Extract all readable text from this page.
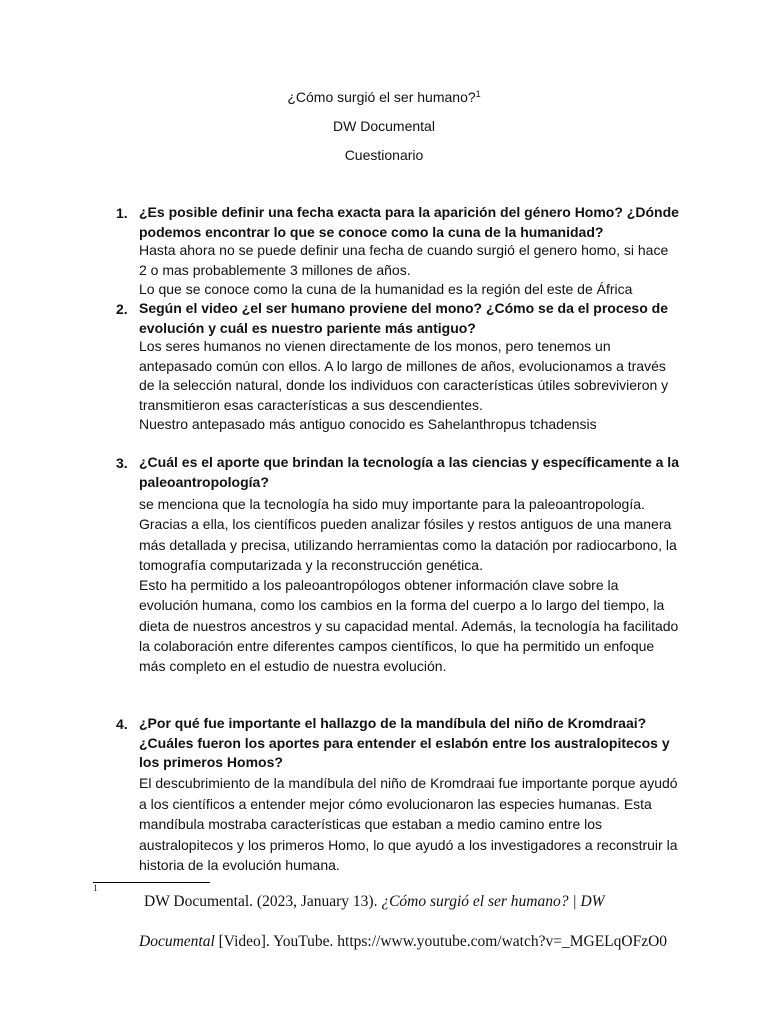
¿Cómo surgió el ser humano?$^1$
DW Documental
Cuestionario
1. ¿Es posible definir una fecha exacta para la aparición del género Homo? ¿Dónde podemos encontrar lo que se conoce como la cuna de la humanidad?

Hasta ahora no se puede definir una fecha de cuando surgió el genero homo, si hace 2 o mas probablemente 3 millones de años.

Lo que se conoce como la cuna de la humanidad es la región del este de África

2. Según el video ¿el ser humano proviene del mono? ¿Cómo se da el proceso de evolución y cuál es nuestro pariente más antiguo?

Los seres humanos no vienen directamente de los monos, pero tenemos un antepasado común con ellos. A lo largo de millones de años, evolucionamos a través de la selección natural, donde los individuos con características útiles sobrevivieron y transmitieron esas características a sus descendientes.

Nuestro antepasado más antiguo conocido es Sahelanthropus tchadensis

3. ¿Cuál es el aporte que brindan la tecnología a las ciencias y específicamente a la paleoantropología?

se menciona que la tecnología ha sido muy importante para la paleoantropología. Gracias a ella, los científicos pueden analizar fósiles y restos antiguos de una manera más detallada y precisa, utilizando herramientas como la datación por radiocarbono, la tomografía computarizada y la reconstrucción genética.

Esto ha permitido a los paleoantropólogos obtener información clave sobre la evolución humana, como los cambios en la forma del cuerpo a lo largo del tiempo, la dieta de nuestros ancestros y su capacidad mental. Además, la tecnología ha facilitado la colaboración entre diferentes campos científicos, lo que ha permitido un enfoque más completo en el estudio de nuestra evolución.

4. ¿Por qué fue importante el hallazgo de la mandíbula del niño de Kromdraai? ¿Cuáles fueron los aportes para entender el eslabón entre los australopitecos y los primeros Homos?

El descubrimiento de la mandíbula del niño de Kromdraai fue importante porque ayudó a los científicos a entender mejor cómo evolucionaron las especies humanas. Esta mandíbula mostraba características que estaban a medio camino entre los australopitecos y los primeros Homo, lo que ayudó a los investigadores a reconstruir la historia de la evolución humana.

1
DW Documental. (2023, January 13). ¿Cómo surgió el ser humano? | DW Documental [Video]. YouTube. https://www.youtube.com/watch?v=_MGELqOFzO0
